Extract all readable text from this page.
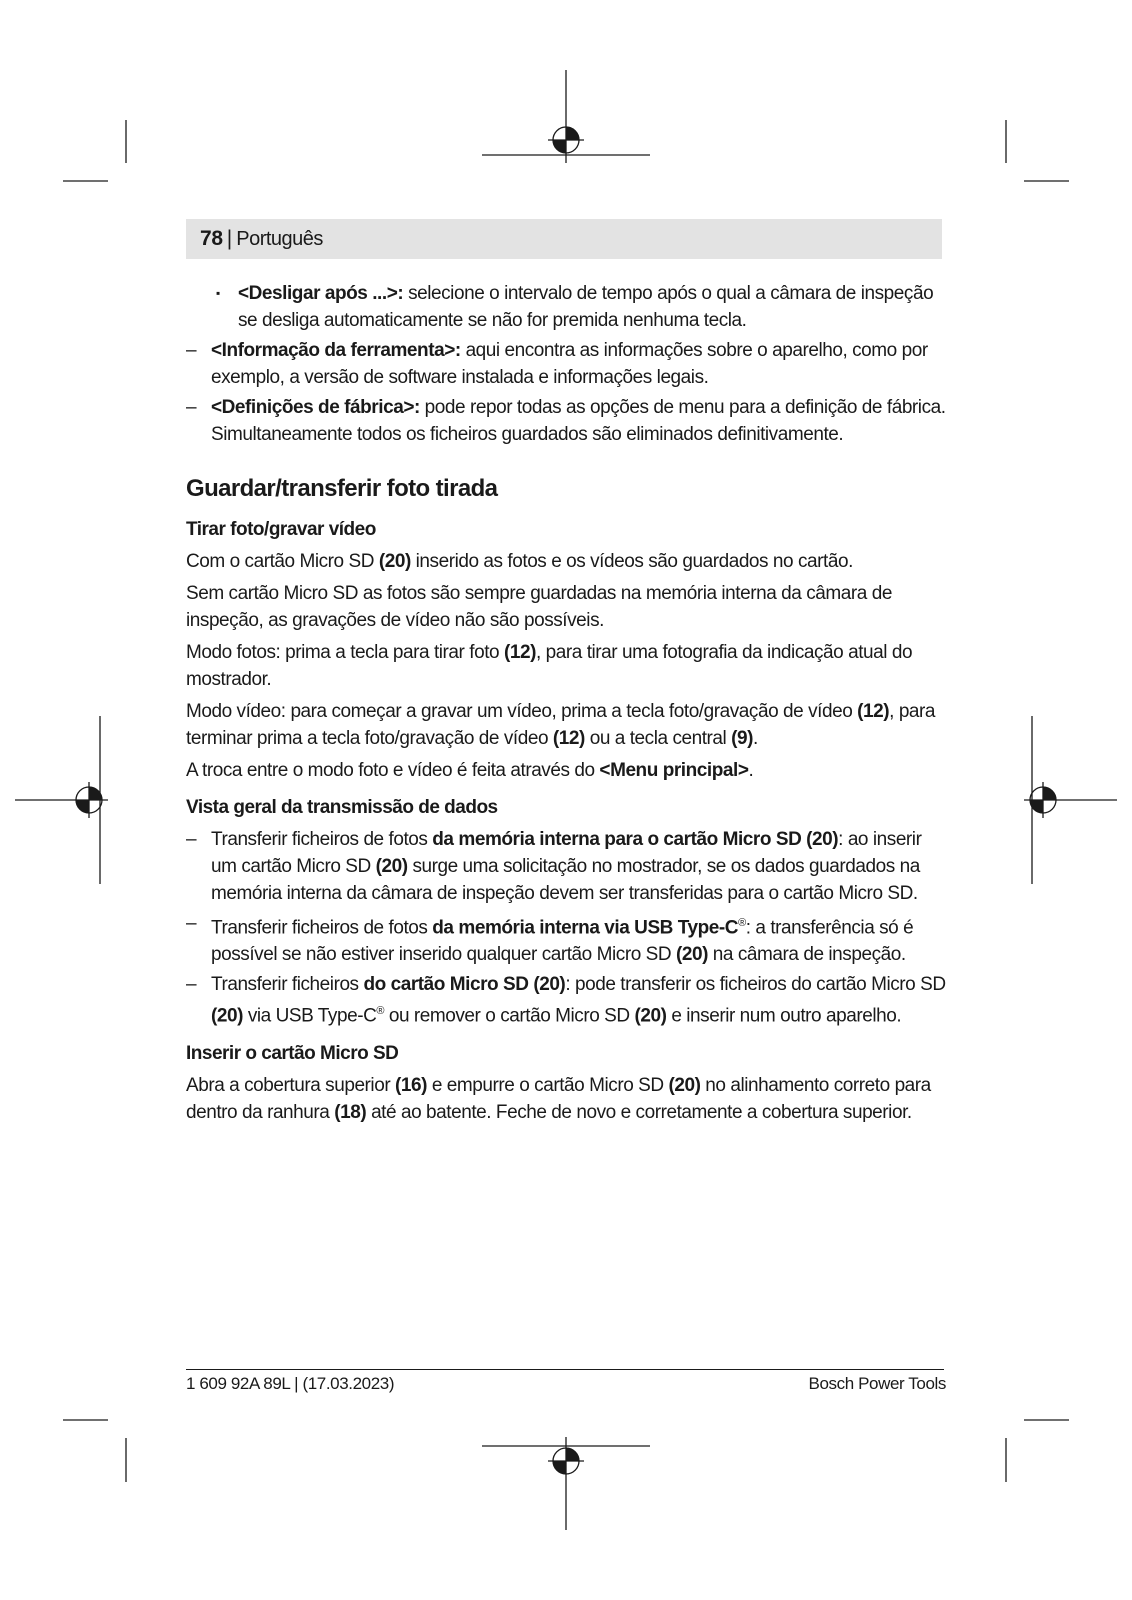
78 | Português
▪ <Desligar após ...>: selecione o intervalo de tempo após o qual a câmara de inspeção se desliga automaticamente se não for premida nenhuma tecla.
– <Informação da ferramenta>: aqui encontra as informações sobre o aparelho, como por exemplo, a versão de software instalada e informações legais.
– <Definições de fábrica>: pode repor todas as opções de menu para a definição de fábrica. Simultaneamente todos os ficheiros guardados são eliminados definitivamente.
Guardar/transferir foto tirada
Tirar foto/gravar vídeo

Com o cartão Micro SD (20) inserido as fotos e os vídeos são guardados no cartão.

Sem cartão Micro SD as fotos são sempre guardadas na memória interna da câmara de inspeção, as gravações de vídeo não são possíveis.

Modo fotos: prima a tecla para tirar foto (12), para tirar uma fotografia da indicação atual do mostrador.

Modo vídeo: para começar a gravar um vídeo, prima a tecla foto/gravação de vídeo (12), para terminar prima a tecla foto/gravação de vídeo (12) ou a tecla central (9).

A troca entre o modo foto e vídeo é feita através do <Menu principal>.

Vista geral da transmissão de dados
– Transferir ficheiros de fotos da memória interna para o cartão Micro SD (20): ao inserir um cartão Micro SD (20) surge uma solicitação no mostrador, se os dados guardados na memória interna da câmara de inspeção devem ser transferidas para o cartão Micro SD.
– Transferir ficheiros de fotos da memória interna via USB Type-C®: a transferência só é possível se não estiver inserido qualquer cartão Micro SD (20) na câmara de inspeção.
– Transferir ficheiros do cartão Micro SD (20): pode transferir os ficheiros do cartão Micro SD (20) via USB Type-C® ou remover o cartão Micro SD (20) e inserir num outro aparelho.
Inserir o cartão Micro SD

Abra a cobertura superior (16) e empurre o cartão Micro SD (20) no alinhamento correto para dentro da ranhura (18) até ao batente. Feche de novo e corretamente a cobertura superior.

1 609 92A 89L | (17.03.2023)	Bosch Power Tools
